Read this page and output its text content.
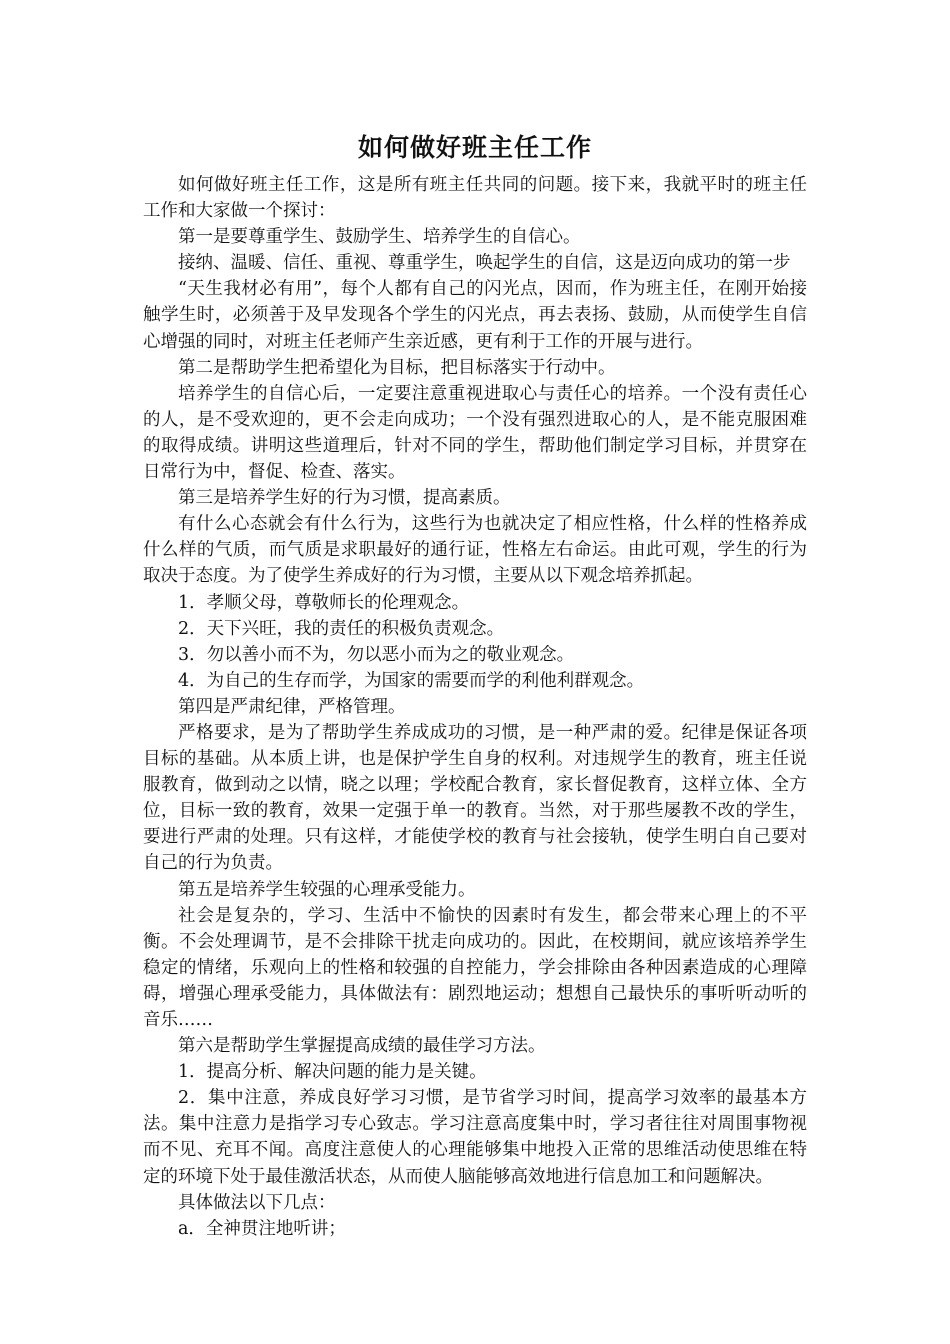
如何做好班主任工作

如何做好班主任工作，这是所有班主任共同的问题。接下来，我就平时的班主任工作和大家做一个探讨：

第一是要尊重学生、鼓励学生、培养学生的自信心。

接纳、温暖、信任、重视、尊重学生，唤起学生的自信，这是迈向成功的第一步

“天生我材必有用”，每个人都有自己的闪光点，因而，作为班主任，在刚开始接触学生时，必须善于及早发现各个学生的闪光点，再去表扬、鼓励，从而使学生自信心增强的同时，对班主任老师产生亲近感，更有利于工作的开展与进行。

第二是帮助学生把希望化为目标，把目标落实于行动中。

培养学生的自信心后，一定要注意重视进取心与责任心的培养。一个没有责任心的人，是不受欢迎的，更不会走向成功；一个没有强烈进取心的人，是不能克服困难的取得成绩。讲明这些道理后，针对不同的学生，帮助他们制定学习目标，并贯穿在日常行为中，督促、检查、落实。

第三是培养学生好的行为习惯，提高素质。

有什么心态就会有什么行为，这些行为也就决定了相应性格，什么样的性格养成什么样的气质，而气质是求职最好的通行证，性格左右命运。由此可观，学生的行为取决于态度。为了使学生养成好的行为习惯，主要从以下观念培养抓起。

1．孝顺父母，尊敬师长的伦理观念。

2．天下兴旺，我的责任的积极负责观念。

3．勿以善小而不为，勿以恶小而为之的敬业观念。

4．为自己的生存而学，为国家的需要而学的利他利群观念。

第四是严肃纪律，严格管理。

严格要求，是为了帮助学生养成成功的习惯，是一种严肃的爱。纪律是保证各项目标的基础。从本质上讲，也是保护学生自身的权利。对违规学生的教育，班主任说服教育，做到动之以情，晓之以理；学校配合教育，家长督促教育，这样立体、全方位，目标一致的教育，效果一定强于单一的教育。当然，对于那些屡教不改的学生，要进行严肃的处理。只有这样，才能使学校的教育与社会接轨，使学生明白自己要对自己的行为负责。

第五是培养学生较强的心理承受能力。

社会是复杂的，学习、生活中不愉快的因素时有发生，都会带来心理上的不平衡。不会处理调节，是不会排除干扰走向成功的。因此，在校期间，就应该培养学生稳定的情绪，乐观向上的性格和较强的自控能力，学会排除由各种因素造成的心理障碍，增强心理承受能力，具体做法有：剧烈地运动；想想自己最快乐的事听听动听的音乐……

第六是帮助学生掌握提高成绩的最佳学习方法。

1．提高分析、解决问题的能力是关键。

2．集中注意，养成良好学习习惯，是节省学习时间，提高学习效率的最基本方法。集中注意力是指学习专心致志。学习注意高度集中时，学习者往往对周围事物视而不见、充耳不闻。高度注意使人的心理能够集中地投入正常的思维活动使思维在特定的环境下处于最佳激活状态，从而使人脑能够高效地进行信息加工和问题解决。

具体做法以下几点：

a．全神贯注地听讲；
